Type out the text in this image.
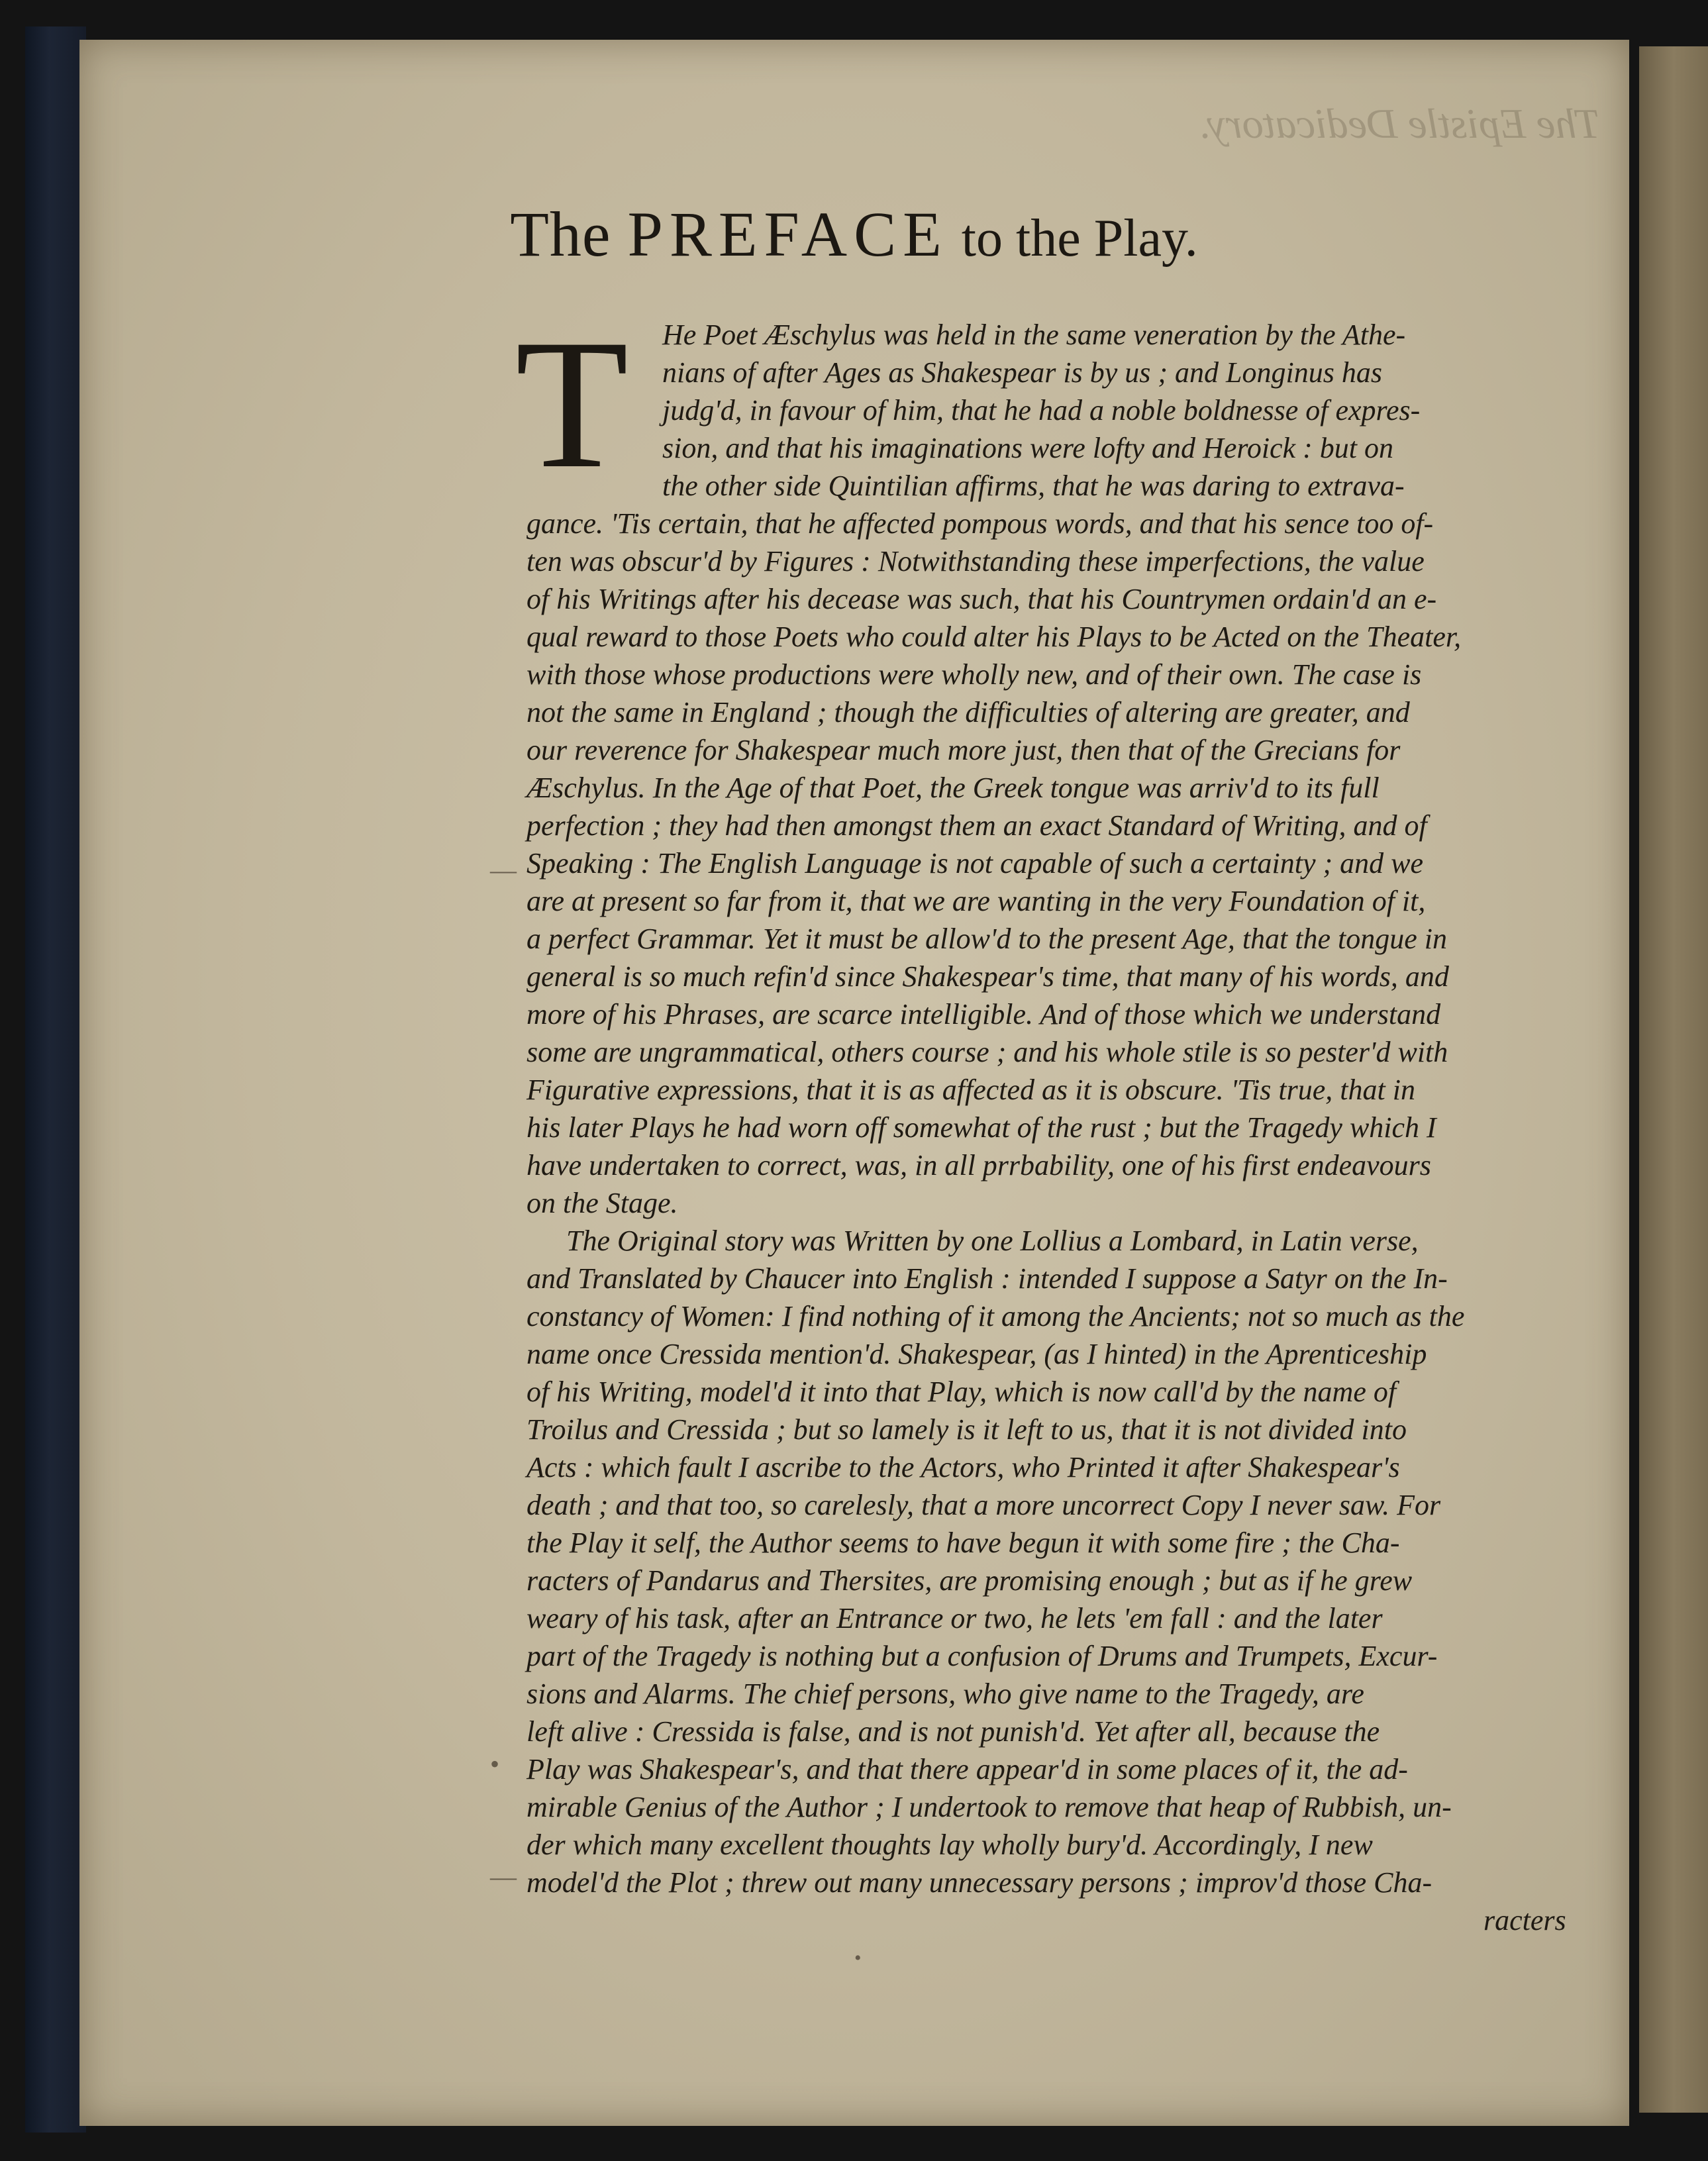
The Epistle Dedicatory.
The PREFACE to the Play.
T He Poet Æschylus was held in the same veneration by the Athe-
nians of after Ages as Shakespear is by us ; and Longinus has
judg'd, in favour of him, that he had a noble boldnesse of expres-
sion, and that his imaginations were lofty and Heroick : but on
the other side Quintilian affirms, that he was daring to extrava-
gance. 'Tis certain, that he affected pompous words, and that his sence too of-
ten was obscur'd by Figures : Notwithstanding these imperfections, the value
of his Writings after his decease was such, that his Countrymen ordain'd an e-
qual reward to those Poets who could alter his Plays to be Acted on the Theater,
with those whose productions were wholly new, and of their own. The case is
not the same in England ; though the difficulties of altering are greater, and
our reverence for Shakespear much more just, then that of the Grecians for
Æschylus. In the Age of that Poet, the Greek tongue was arriv'd to its full
perfection ; they had then amongst them an exact Standard of Writing, and of
Speaking : The English Language is not capable of such a certainty ; and we
are at present so far from it, that we are wanting in the very Foundation of it,
a perfect Grammar. Yet it must be allow'd to the present Age, that the tongue in
general is so much refin'd since Shakespear's time, that many of his words, and
more of his Phrases, are scarce intelligible. And of those which we understand
some are ungrammatical, others course ; and his whole stile is so pester'd with
Figurative expressions, that it is as affected as it is obscure. 'Tis true, that in
his later Plays he had worn off somewhat of the rust ; but the Tragedy which I
have undertaken to correct, was, in all prrbability, one of his first endeavours
on the Stage.
The Original story was Written by one Lollius a Lombard, in Latin verse,
and Translated by Chaucer into English : intended I suppose a Satyr on the In-
constancy of Women: I find nothing of it among the Ancients; not so much as the
name once Cressida mention'd. Shakespear, (as I hinted) in the Aprenticeship
of his Writing, model'd it into that Play, which is now call'd by the name of
Troilus and Cressida ; but so lamely is it left to us, that it is not divided into
Acts : which fault I ascribe to the Actors, who Printed it after Shakespear's
death ; and that too, so carelesly, that a more uncorrect Copy I never saw. For
the Play it self, the Author seems to have begun it with some fire ; the Cha-
racters of Pandarus and Thersites, are promising enough ; but as if he grew
weary of his task, after an Entrance or two, he lets 'em fall : and the later
part of the Tragedy is nothing but a confusion of Drums and Trumpets, Excur-
sions and Alarms. The chief persons, who give name to the Tragedy, are
left alive : Cressida is false, and is not punish'd. Yet after all, because the
Play was Shakespear's, and that there appear'd in some places of it, the ad-
mirable Genius of the Author ; I undertook to remove that heap of Rubbish, un-
der which many excellent thoughts lay wholly bury'd. Accordingly, I new
model'd the Plot ; threw out many unnecessary persons ; improv'd those Cha-
racters
—
•
—
•
